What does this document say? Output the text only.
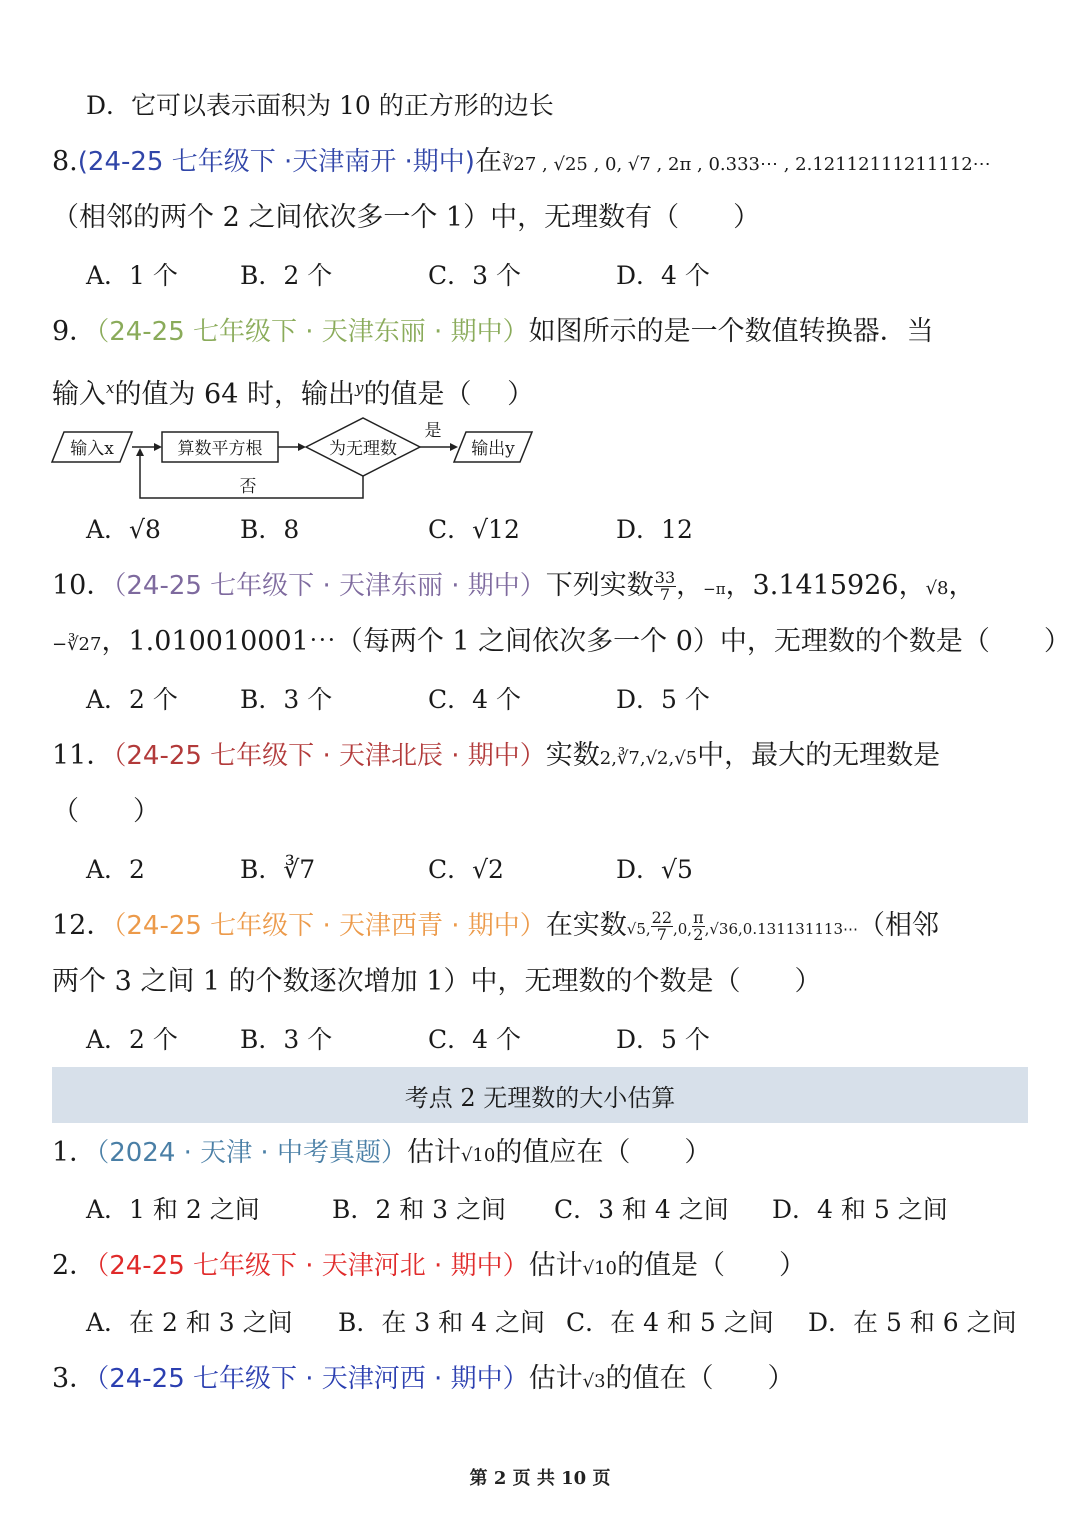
D．它可以表示面积为 10 的正方形的边长
8.(24-25 七年级下 ·天津南开 ·期中)在∛27 , √25 , 0, √7 , 2π , 0.333⋯ , 2.12112111211112⋯
（相邻的两个 2 之间依次多一个 1）中，无理数有（　　）
A．1 个 B．2 个	C．3 个	D．4 个
9．（24-25 七年级下 · 天津东丽 · 期中）如图所示的是一个数值转换器．当
输入$^x$的值为 64 时，输出$^y$的值是（　 ）
输入x	算数平方根	为无理数
是
输出y
否
A．√8	B．8	C．√12	D．12
10．（24-25 七年级下 · 天津东丽 · 期中）下列实数 $\frac{33}{7}$ ，−π，3.1415926，√8，
−∛27，1.010010001⋯（每两个 1 之间依次多一个 0）中，无理数的个数是（　　）
A．2 个 B．3 个	C．4 个	D．5 个
11．（24-25 七年级下 · 天津北辰 · 期中）实数2,∛7,√2,√5中，最大的无理数是
（　　）
A．2	B．∛7	C．√2	D．√5
12．（24-25 七年级下 · 天津西青 · 期中）在实数√5, $\frac{22}{7} ,0$, $\frac{\pi}{2}$ ,√36,0.131131113⋯（相邻
两个 3 之间 1 的个数逐次增加 1）中，无理数的个数是（　　）
A．2 个 B．3 个	C．4 个	D．5 个
考点 2 无理数的大小估算
1．（2024 · 天津 · 中考真题）估计√10的值应在（　　）
A．1 和 2 之间	B．2 和 3 之间 C．3 和 4 之间 D．4 和 5 之间
2．（24-25 七年级下 · 天津河北 · 期中）估计√10的值是（　　）
A．在 2 和 3 之间 B．在 3 和 4 之间 C．在 4 和 5 之间 D．在 5 和 6 之间
3．（24-25 七年级下 · 天津河西 · 期中）估计√3的值在（　　）
第 2 页 共 10 页
